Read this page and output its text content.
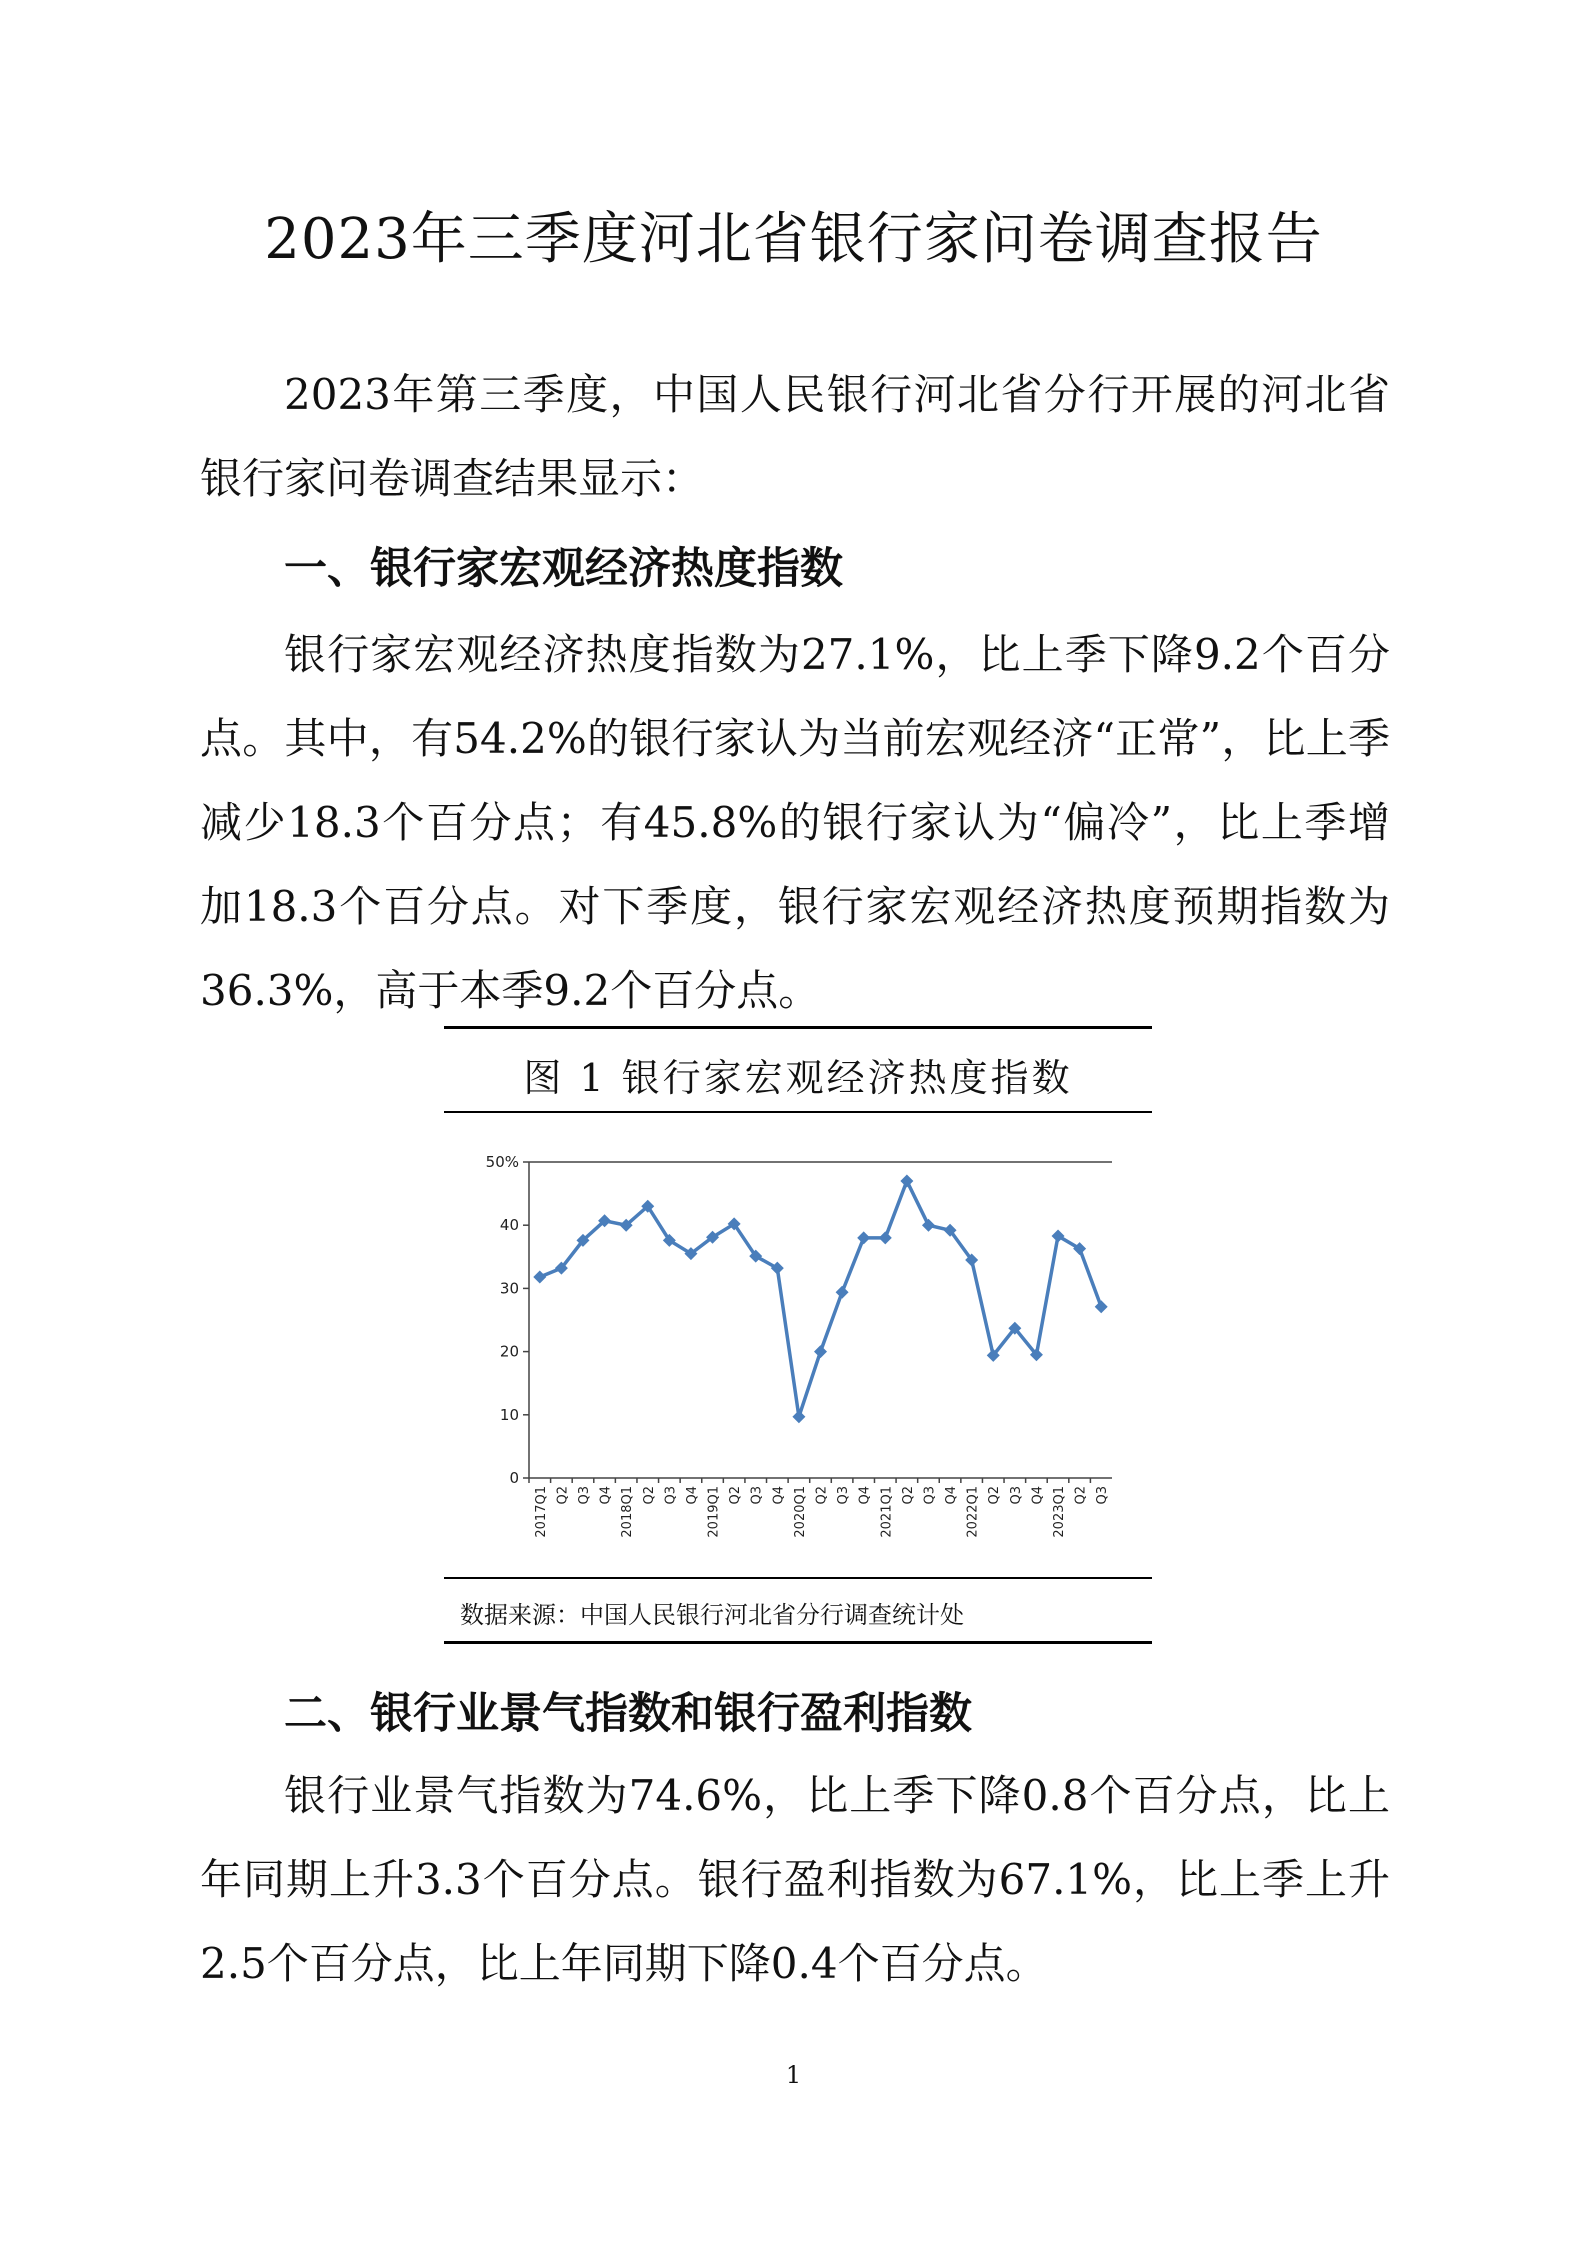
2023年三季度河北省银行家问卷调查报告
2023年第三季度，中国人民银行河北省分行开展的河北省银行家问卷调查结果显示：
一、银行家宏观经济热度指数
银行家宏观经济热度指数为27.1%，比上季下降9.2个百分点。其中，有54.2%的银行家认为当前宏观经济“正常”，比上季减少18.3个百分点；有45.8%的银行家认为“偏冷”，比上季增加18.3个百分点。对下季度，银行家宏观经济热度预期指数为36.3%，高于本季9.2个百分点。
图 1 银行家宏观经济热度指数
0
10
20
30
40
50%
2017Q1 Q2 Q3 Q4 2018Q1 Q2 Q3 Q4 2019Q1 Q2 Q3 Q4 2020Q1 Q2 Q3 Q4 2021Q1 Q2 Q3 Q4 2022Q1 Q2 Q3 Q4 2023Q1 Q2 Q3
数据来源：中国人民银行河北省分行调查统计处
二、银行业景气指数和银行盈利指数
银行业景气指数为74.6%，比上季下降0.8个百分点，比上年同期上升3.3个百分点。银行盈利指数为67.1%，比上季上升2.5个百分点，比上年同期下降0.4个百分点。
1
